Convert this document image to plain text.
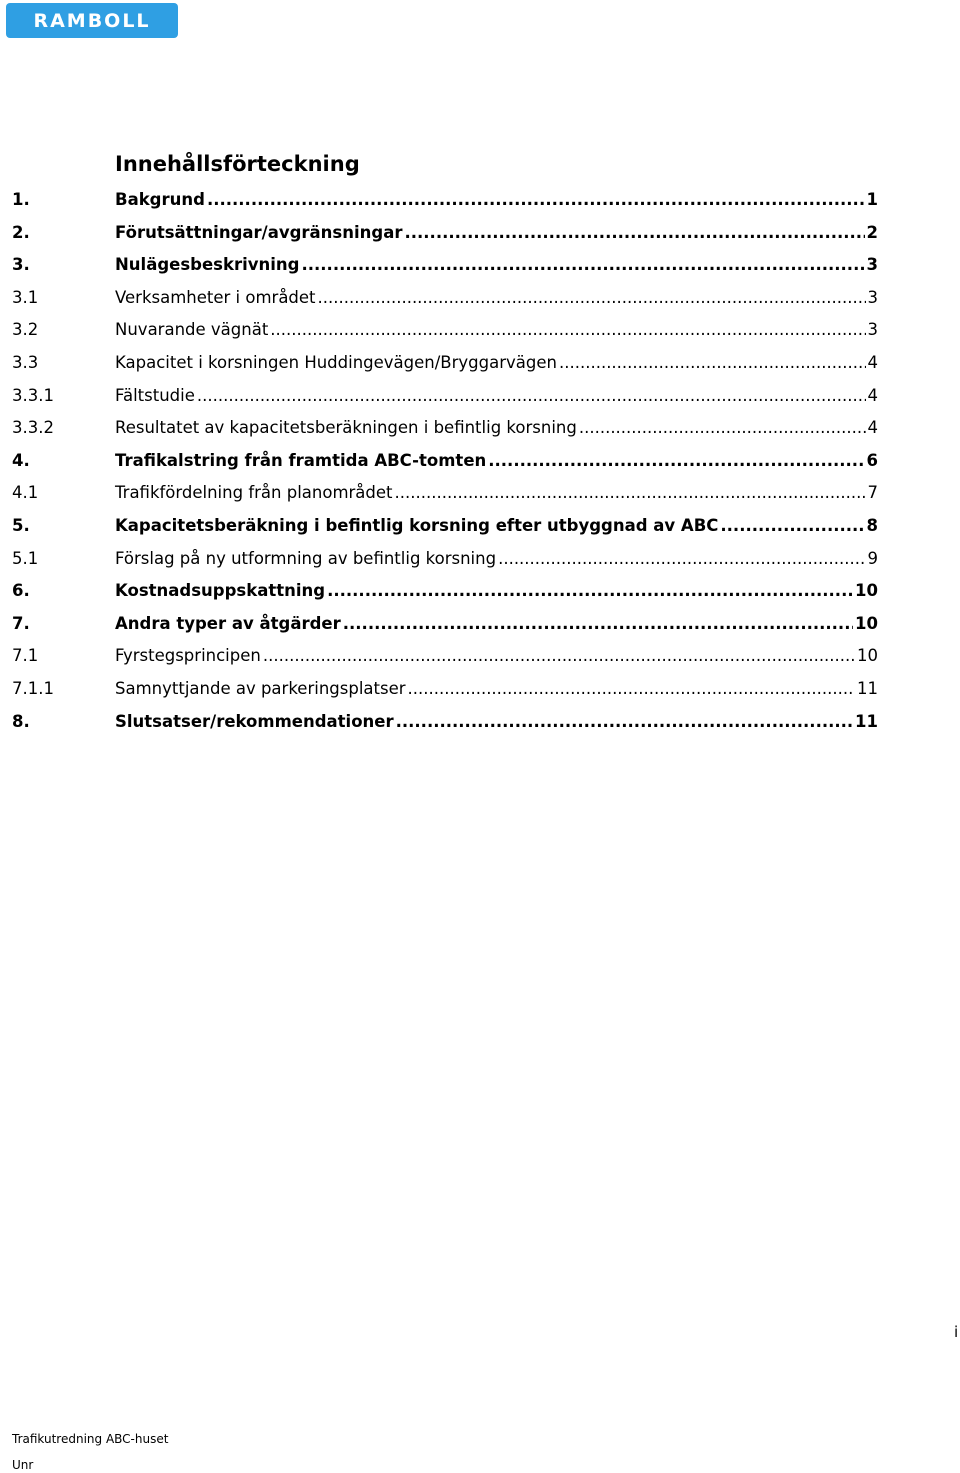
RAMBOLL
Innehållsförteckning
1.	Bakgrund .....	1
2.	Förutsättningar/avgränsningar .....	2
3.	Nulägesbeskrivning .....	3
3.1	Verksamheter i området .....	3
3.2	Nuvarande vägnät .....	3
3.3	Kapacitet i korsningen Huddingevägen/Bryggarvägen .....	4
3.3.1	Fältstudie .....	4
3.3.2	Resultatet av kapacitetsberäkningen i befintlig korsning .....	4
4.	Trafikalstring från framtida ABC-tomten .....	6
4.1	Trafikfördelning från planområdet .....	7
5.	Kapacitetsberäkning i befintlig korsning efter utbyggnad av ABC .....	8
5.1	Förslag på ny utformning av befintlig korsning .....	9
6.	Kostnadsuppskattning .....	10
7.	Andra typer av åtgärder .....	10
7.1	Fyrstegsprincipen .....	10
7.1.1	Samnyttjande av parkeringsplatser .....	11
8.	Slutsatser/rekommendationer .....	11
i
Trafikutredning ABC-huset
Unr
